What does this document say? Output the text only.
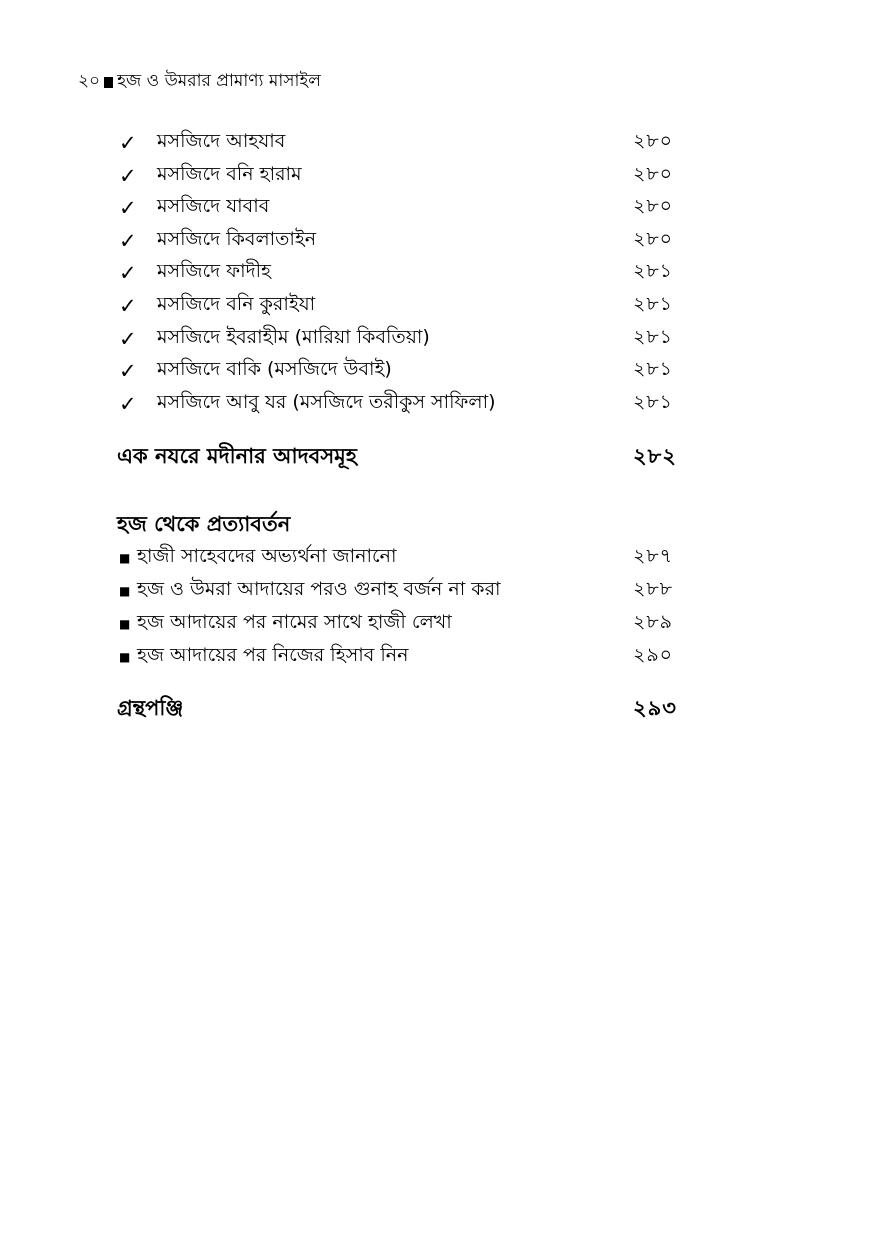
২০ হজ ও উমরার প্রামাণ্য মাসাইল
✓ মসজিদে আহযাব	২৮০
✓ মসজিদে বনি হারাম	২৮০
✓ মসজিদে যাবাব	২৮০
✓ মসজিদে কিবলাতাইন	২৮০
✓ মসজিদে ফাদীহ	২৮১
✓ মসজিদে বনি কুরাইযা	২৮১
✓ মসজিদে ইবরাহীম (মারিয়া কিবতিয়া)	২৮১
✓ মসজিদে বাকি (মসজিদে উবাই)	২৮১
✓ মসজিদে আবু যর (মসজিদে তরীকুস সাফিলা)	২৮১
এক নযরে মদীনার আদবসমূহ	২৮২
হজ থেকে প্রত্যাবর্তন
■ হাজী সাহেবদের অভ্যর্থনা জানানো	২৮৭
■ হজ ও উমরা আদায়ের পরও গুনাহ বর্জন না করা	২৮৮
■ হজ আদায়ের পর নামের সাথে হাজী লেখা	২৮৯
■ হজ আদায়ের পর নিজের হিসাব নিন	২৯০
গ্রন্থপঞ্জি	২৯৩
